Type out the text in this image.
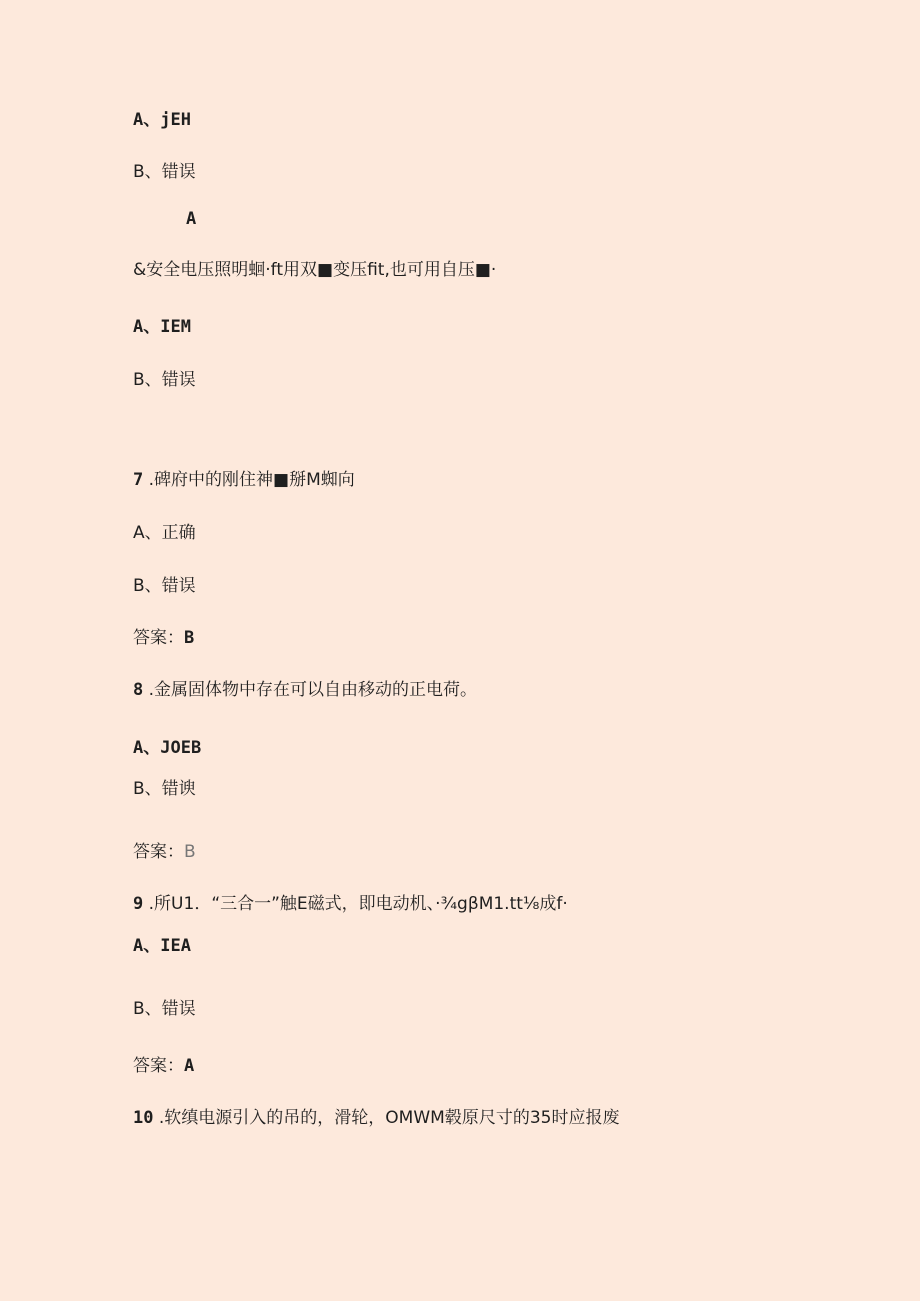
A、jEH
B、错误
A
&安全电压照明蛔·ft用双■变压fit,也可用自压■·
A、IEM
B、错误
7 .碑府中的刚住神■掰M蜘向
A、正确
B、错误
答案：B
8 .金属固体物中存在可以自由移动的正电荷。
A、JOEB
B、错谀
答案：B
9 .所U1．“三合一”触E磁式，即电动机、·¾gβM1.tt⅛成f·
A、IEA
B、错误
答案：A
10 .软缜电源引入的吊的，滑轮，OMWM毂原尺寸的35时应报废
